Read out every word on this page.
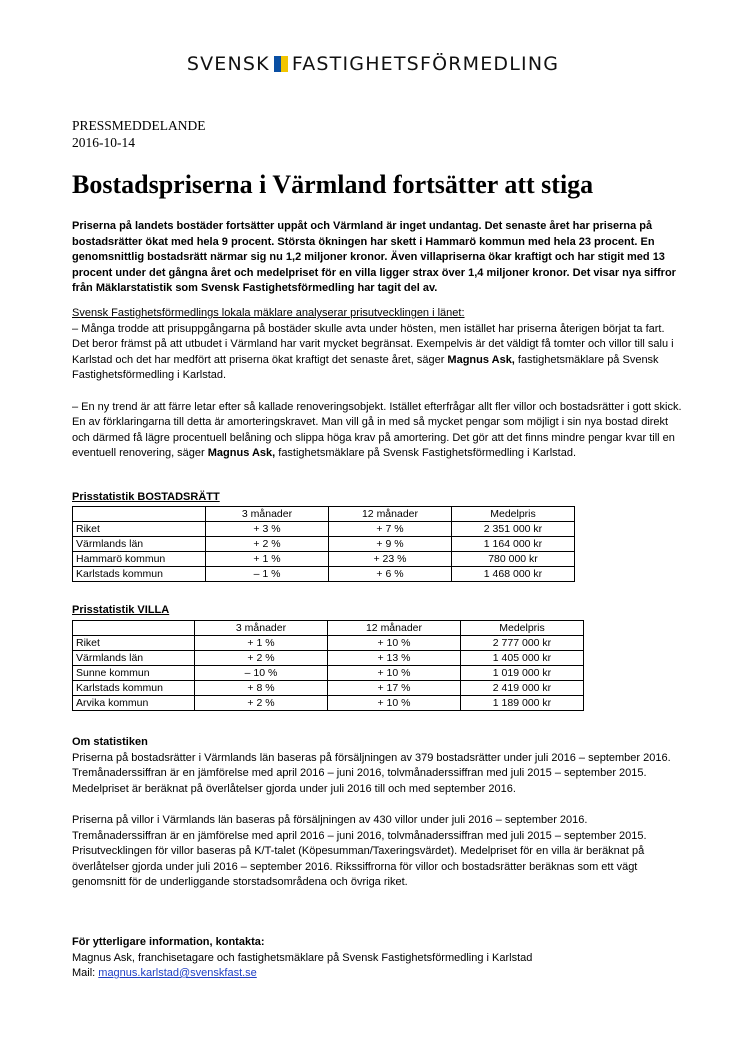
SVENSK FASTIGHETSFÖRMEDLING
PRESSMEDDELANDE
2016-10-14
Bostadspriserna i Värmland fortsätter att stiga

Priserna på landets bostäder fortsätter uppåt och Värmland är inget undantag. Det senaste året har priserna på bostadsrätter ökat med hela 9 procent. Största ökningen har skett i Hammarö kommun med hela 23 procent. En genomsnittlig bostadsrätt närmar sig nu 1,2 miljoner kronor. Även villapriserna ökar kraftigt och har stigit med 13 procent under det gångna året och medelpriset för en villa ligger strax över 1,4 miljoner kronor. Det visar nya siffror från Mäklarstatistik som Svensk Fastighetsförmedling har tagit del av.

Svensk Fastighetsförmedlings lokala mäklare analyserar prisutvecklingen i länet:
– Många trodde att prisuppgångarna på bostäder skulle avta under hösten, men istället har priserna återigen börjat ta fart. Det beror främst på att utbudet i Värmland har varit mycket begränsat. Exempelvis är det väldigt få tomter och villor till salu i Karlstad och det har medfört att priserna ökat kraftigt det senaste året, säger Magnus Ask, fastighetsmäklare på Svensk Fastighetsförmedling i Karlstad.
– En ny trend är att färre letar efter så kallade renoveringsobjekt. Istället efterfrågar allt fler villor och bostadsrätter i gott skick. En av förklaringarna till detta är amorteringskravet. Man vill gå in med så mycket pengar som möjligt i sin nya bostad direkt och därmed få lägre procentuell belåning och slippa höga krav på amortering. Det gör att det finns mindre pengar kvar till en eventuell renovering, säger Magnus Ask, fastighetsmäklare på Svensk Fastighetsförmedling i Karlstad.
Prisstatistik BOSTADSRÄTT
	3 månader	12 månader	Medelpris
Riket	+ 3 %	+ 7 %	2 351 000 kr
Värmlands län	+ 2 %	+ 9 %	1 164 000 kr
Hammarö kommun	+ 1 %	+ 23 %	780 000 kr
Karlstads kommun	– 1 %	+ 6 %	1 468 000 kr
Prisstatistik VILLA
	3 månader	12 månader	Medelpris
Riket	+ 1 %	+ 10 %	2 777 000 kr
Värmlands län	+ 2 %	+ 13 %	1 405 000 kr
Sunne kommun	– 10 %	+ 10 %	1 019 000 kr
Karlstads kommun	+ 8 %	+ 17 %	2 419 000 kr
Arvika kommun	+ 2 %	+ 10 %	1 189 000 kr
Om statistiken
Priserna på bostadsrätter i Värmlands län baseras på försäljningen av 379 bostadsrätter under juli 2016 – september 2016. Tremånaderssiffran är en jämförelse med april 2016 – juni 2016, tolvmånaderssiffran med juli 2015 – september 2015. Medelpriset är beräknat på överlåtelser gjorda under juli 2016 till och med september 2016.
Priserna på villor i Värmlands län baseras på försäljningen av 430 villor under juli 2016 – september 2016. Tremånaderssiffran är en jämförelse med april 2016 – juni 2016, tolvmånaderssiffran med juli 2015 – september 2015. Prisutvecklingen för villor baseras på K/T-talet (Köpesumman/Taxeringsvärdet). Medelpriset för en villa är beräknat på överlåtelser gjorda under juli 2016 – september 2016. Rikssiffrorna för villor och bostadsrätter beräknas som ett vägt genomsnitt för de underliggande storstadsområdena och övriga riket.
För ytterligare information, kontakta:
Magnus Ask, franchisetagare och fastighetsmäklare på Svensk Fastighetsförmedling i Karlstad
Mail: magnus.karlstad@svenskfast.se
